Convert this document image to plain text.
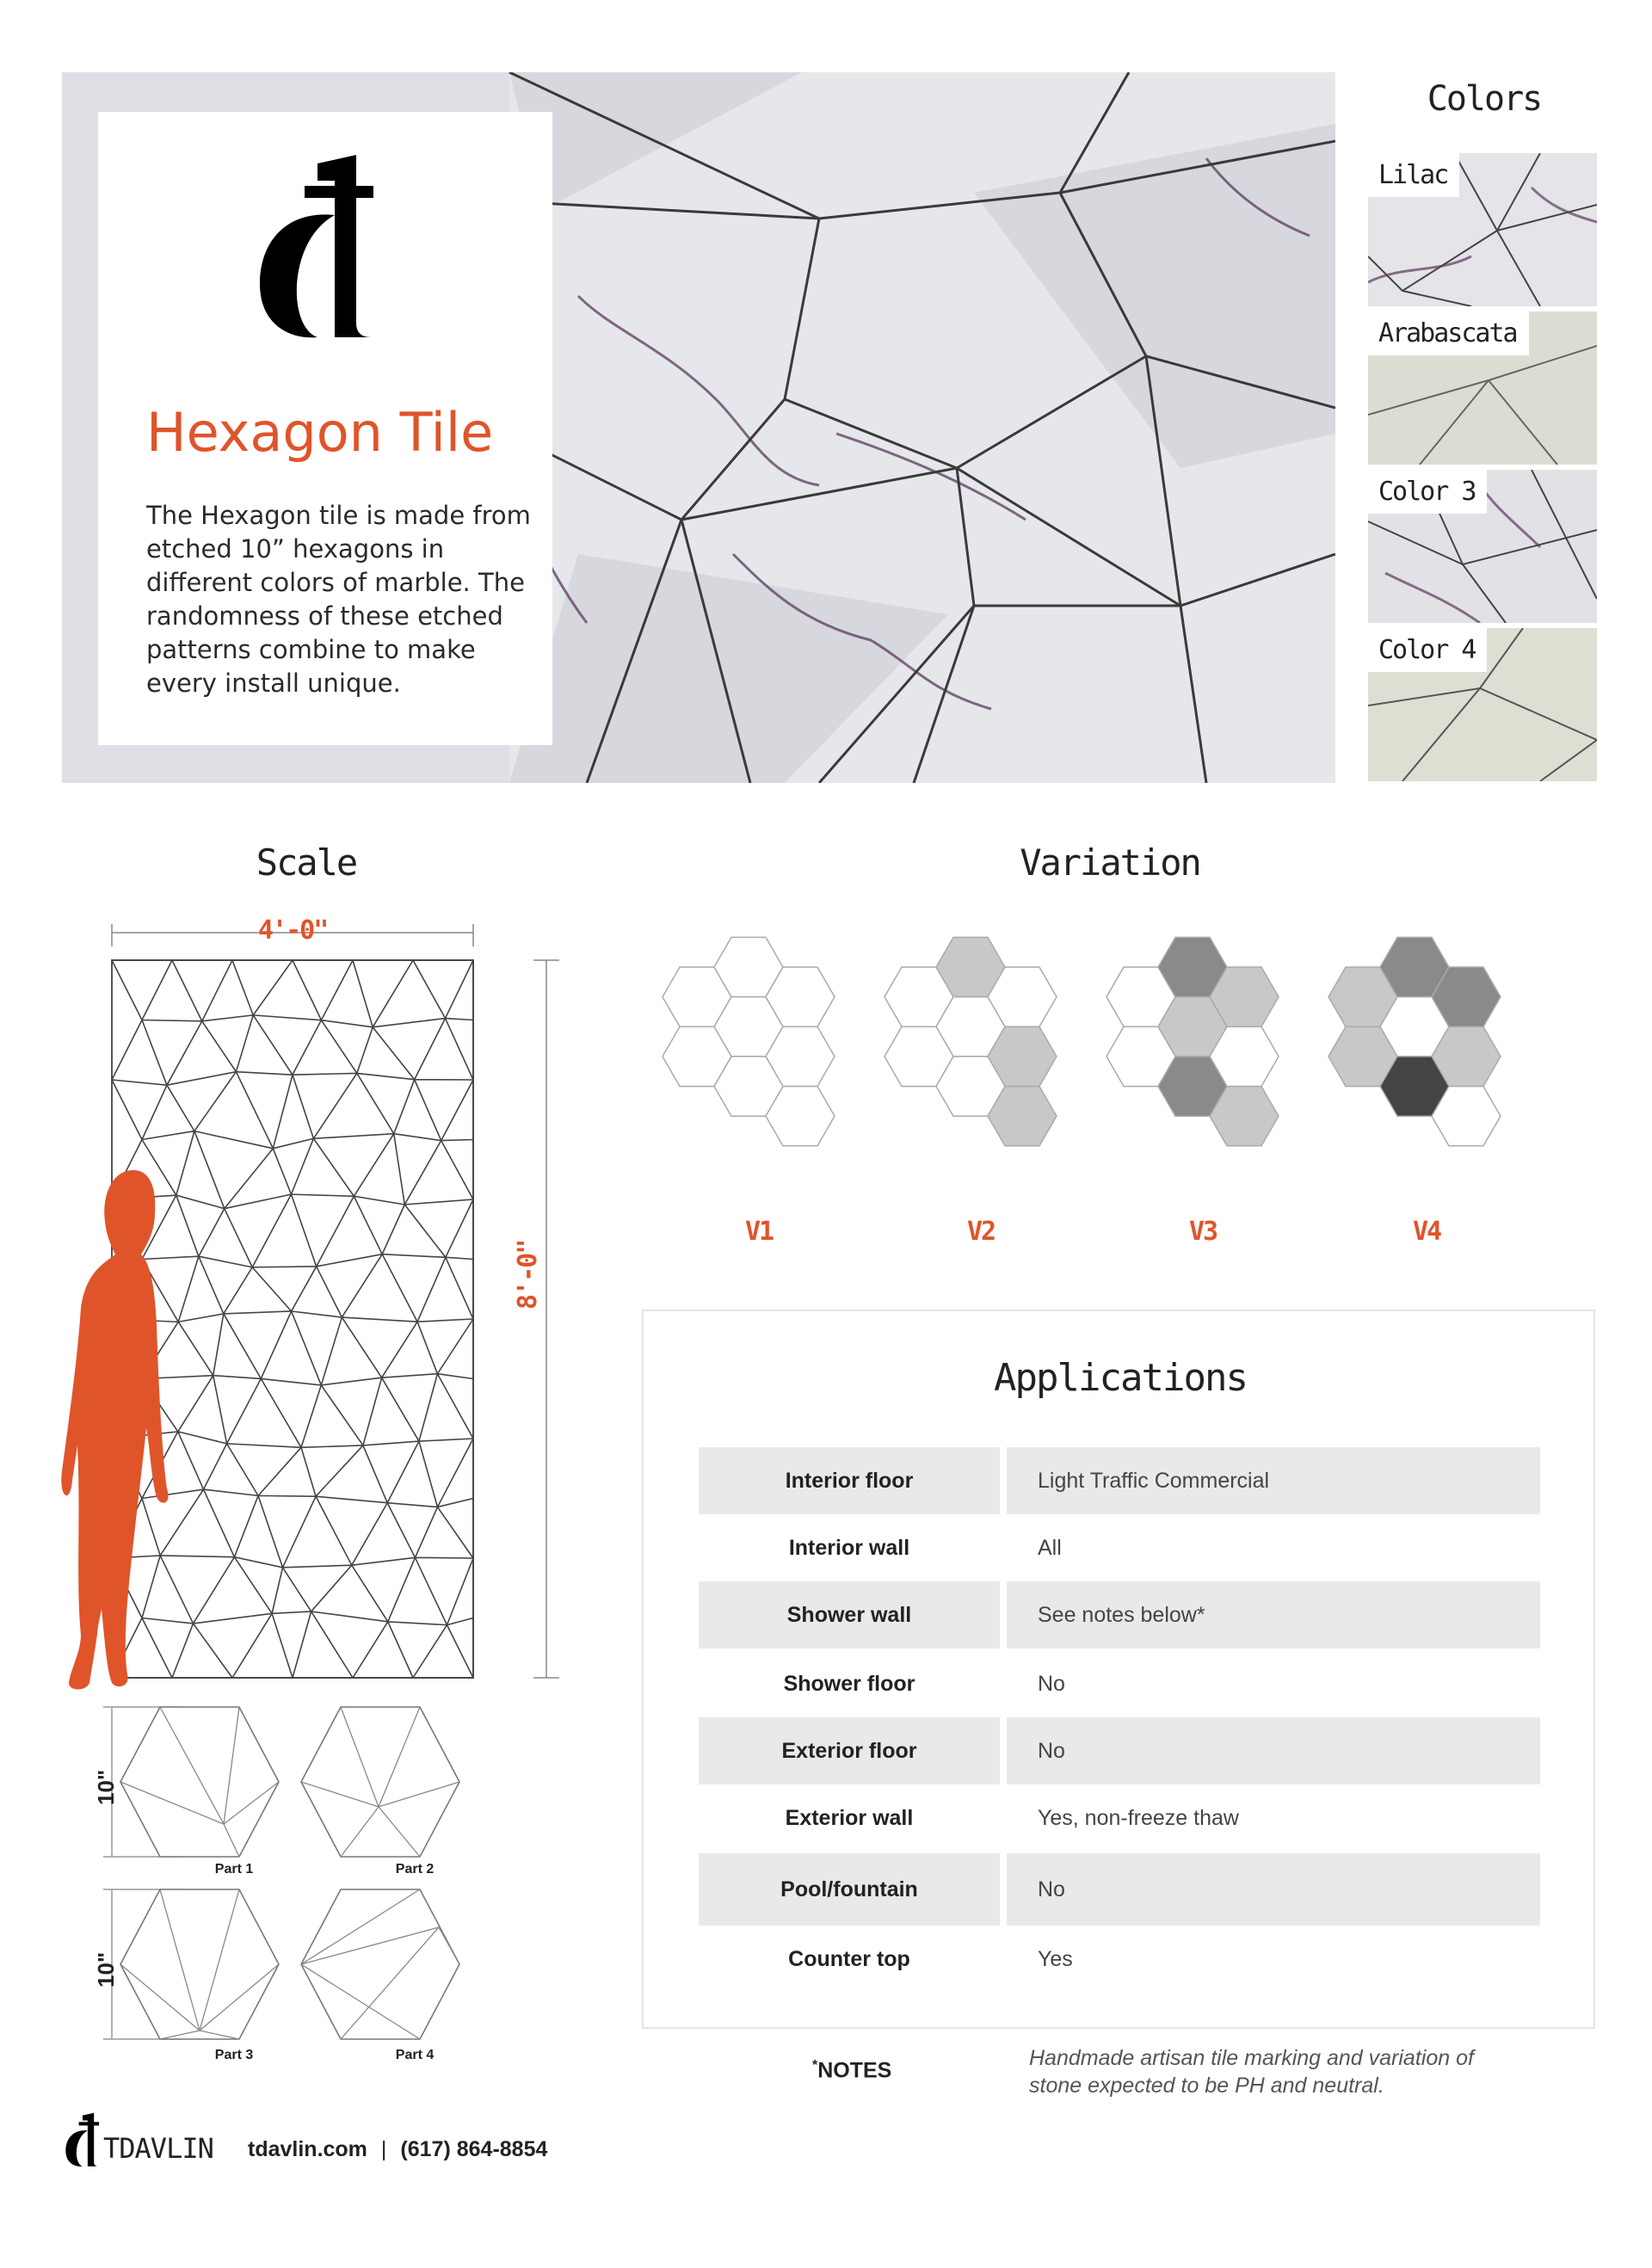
Hexagon Tile
The Hexagon tile is made from etched 10” hexagons in different colors of marble. The randomness of these etched patterns combine to make every install unique.
Colors
Lilac
Arabascata
Color 3
Color 4
Scale
4'-0"
8'-0"
10"
10"
Part 1	Part 2
Part 3	Part 4
Variation
V1	V2	V3	V4
Applications
Interior floor	Light Traffic Commercial
Interior wall	All
Shower wall	See notes below*
Shower floor	No
Exterior floor	No
Exterior wall	Yes, non-freeze thaw
Pool/fountain	No
Counter top	Yes
*NOTES
Handmade artisan tile marking and variation of stone expected to be PH and neutral.
TDAVLIN tdavlin.com | (617) 864-8854
